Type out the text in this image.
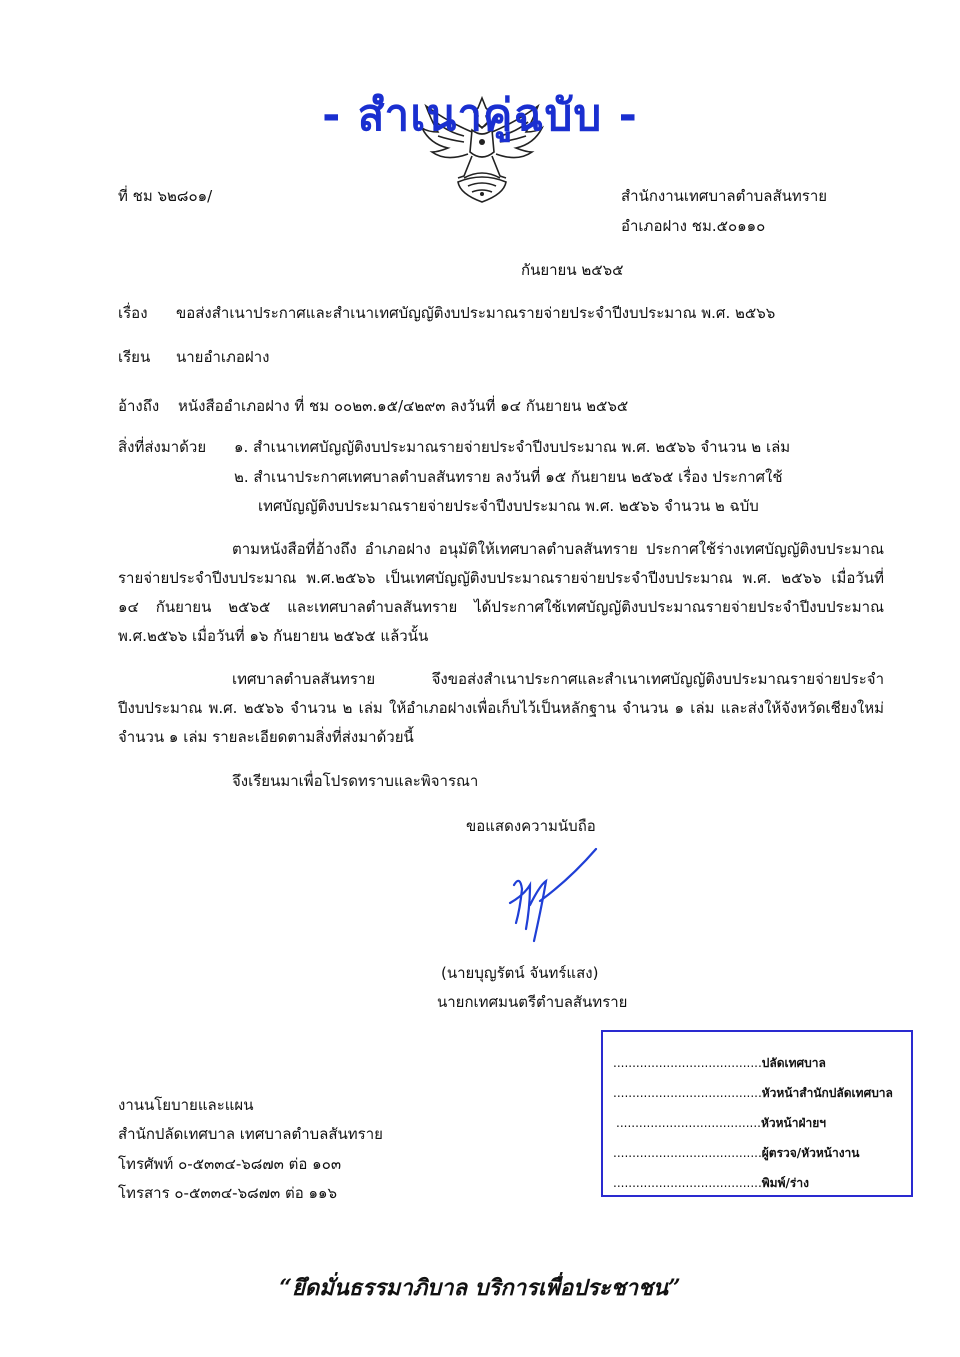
- สำเนาคู่ฉบับ -
ที่ ชม ๖๒๘๐๑/	สำนักงานเทศบาลตำบลสันทราย
อำเภอฝาง ชม.๕๐๑๑๐
กันยายน ๒๕๖๕
เรื่อง ขอส่งสำเนาประกาศและสำเนาเทศบัญญัติงบประมาณรายจ่ายประจำปีงบประมาณ พ.ศ. ๒๕๖๖
เรียน นายอำเภอฝาง
อ้างถึง หนังสืออำเภอฝาง ที่ ชม ๐๐๒๓.๑๕/๔๒๙๓ ลงวันที่ ๑๔ กันยายน ๒๕๖๕
สิ่งที่ส่งมาด้วย ๑. สำเนาเทศบัญญัติงบประมาณรายจ่ายประจำปีงบประมาณ พ.ศ. ๒๕๖๖ จำนวน ๒ เล่ม
๒. สำเนาประกาศเทศบาลตำบลสันทราย ลงวันที่ ๑๕ กันยายน ๒๕๖๕ เรื่อง ประกาศใช้
เทศบัญญัติงบประมาณรายจ่ายประจำปีงบประมาณ พ.ศ. ๒๕๖๖ จำนวน ๒ ฉบับ
ตามหนังสือที่อ้างถึง อำเภอฝาง อนุมัติให้เทศบาลตำบลสันทราย ประกาศใช้ร่างเทศบัญญัติงบประมาณรายจ่ายประจำปีงบประมาณ พ.ศ.๒๕๖๖ เป็นเทศบัญญัติงบประมาณรายจ่ายประจำปีงบประมาณ พ.ศ. ๒๕๖๖ เมื่อวันที่ ๑๔ กันยายน ๒๕๖๕ และเทศบาลตำบลสันทราย ได้ประกาศใช้เทศบัญญัติงบประมาณรายจ่ายประจำปีงบประมาณ พ.ศ.๒๕๖๖ เมื่อวันที่ ๑๖ กันยายน ๒๕๖๕ แล้วนั้น
เทศบาลตำบลสันทราย จึงขอส่งสำเนาประกาศและสำเนาเทศบัญญัติงบประมาณรายจ่ายประจำปีงบประมาณ พ.ศ. ๒๕๖๖ จำนวน ๒ เล่ม ให้อำเภอฝางเพื่อเก็บไว้เป็นหลักฐาน จำนวน ๑ เล่ม และส่งให้จังหวัดเชียงใหม่ จำนวน ๑ เล่ม รายละเอียดตามสิ่งที่ส่งมาด้วยนี้
จึงเรียนมาเพื่อโปรดทราบและพิจารณา
ขอแสดงความนับถือ
(นายบุญรัตน์ จันทร์แสง)
นายกเทศมนตรีตำบลสันทราย
งานนโยบายและแผน
สำนักปลัดเทศบาล เทศบาลตำบลสันทราย
โทรศัพท์ ๐-๕๓๓๔-๖๘๗๓ ต่อ ๑๐๓
โทรสาร ๐-๕๓๓๔-๖๘๗๓ ต่อ ๑๑๖
.......................................ปลัดเทศบาล
.......................................หัวหน้าสำนักปลัดเทศบาล
......................................หัวหน้าฝ่ายฯ
.......................................ผู้ตรวจ/หัวหน้างาน
.......................................พิมพ์/ร่าง
“ยึดมั่นธรรมาภิบาล บริการเพื่อประชาชน”
